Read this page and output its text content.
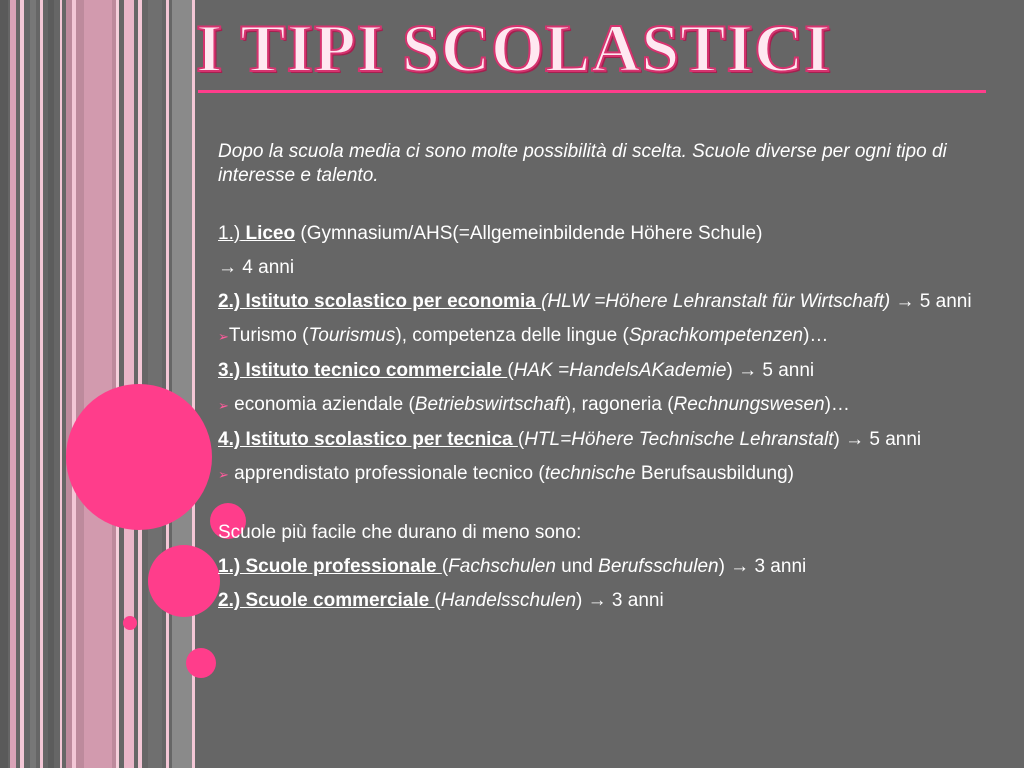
I TIPI SCOLASTICI
Dopo la scuola media ci sono molte possibilità di scelta. Scuole diverse per ogni tipo di interesse e talento.
1.) Liceo (Gymnasium/AHS(=Allgemeinbildende Höhere Schule)
→ 4 anni
2.) Istituto scolastico per economia (HLW =Höhere Lehranstalt für Wirtschaft) → 5 anni
➢Turismo (Tourismus), competenza delle lingue (Sprachkompetenzen)…
3.) Istituto tecnico commerciale (HAK =HandelsAKademie) → 5 anni
➢ economia aziendale (Betriebswirtschaft), ragoneria (Rechnungswesen)…
4.) Istituto scolastico per tecnica (HTL=Höhere Technische Lehranstalt) → 5 anni
➢ apprendistato professionale tecnico (technische Berufsausbildung)
Scuole più facile che durano di meno sono:
1.) Scuole professionale (Fachschulen und Berufsschulen) → 3 anni
2.) Scuole commerciale (Handelsschulen) → 3 anni
